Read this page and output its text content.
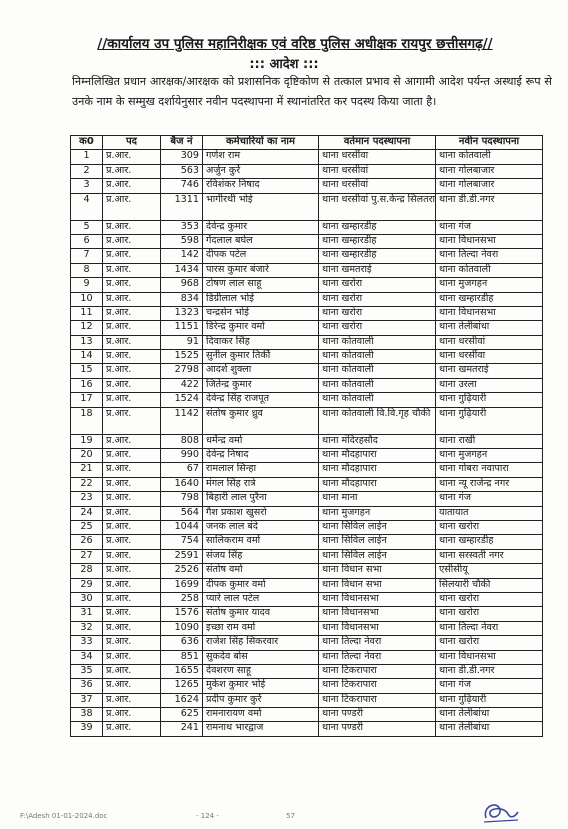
//कार्यालय उप पुलिस महानिरीक्षक एवं वरिष्ठ पुलिस अधीक्षक रायपुर छत्तीसगढ़//
::: आदेश :::
निम्नलिखित प्रधान आरक्षक/आरक्षक को प्रशासनिक दृष्टिकोण से तत्काल प्रभाव से आगामी आदेश पर्यन्त अस्थाई रूप से उनके नाम के सम्मुख दर्शायेनुसार नवीन पदस्थापना में स्थानांतरित कर पदस्थ किया जाता है।
क0	पद	बैज नं	कर्मचारियों का नाम	वर्तमान पदस्थापना	नवीन पदस्थापना
1	प्र.आर.	309	गणेश राम	थाना धरसींवा	थाना कोतवाली
2	प्र.आर.	563	अर्जुन कुर्रे	थाना धरसीवां	थाना गोलबाजार
3	प्र.आर.	746	रविशंकर निषाद	थाना धरसीवां	थाना गोलबाजार
4	प्र.आर.	1311	भागीरथी भोई	थाना धरसीवां पु.स.केन्द्र सिलतरा	थाना डी.डी.नगर
5	प्र.आर.	353	देवेन्द्र कुमार	थाना खम्हारडीह	थाना गंज
6	प्र.आर.	598	गेंदलाल बघेल	थाना खम्हारडीह	थाना विधानसभा
7	प्र.आर.	142	दीपक पटेल	थाना खम्हारडीह	थाना तिल्दा नेवरा
8	प्र.आर.	1434	पारस कुमार बंजारे	थाना खमतराई	थाना कोतवाली
9	प्र.आर.	968	टोषण लाल साहू	थाना खरोरा	थाना मुजगहन
10	प्र.आर.	834	डिग्रीलाल भोई	थाना खरोरा	थाना खम्हारडीह
11	प्र.आर.	1323	चन्द्रसेन भोई	थाना खरोरा	थाना विधानसभा
12	प्र.आर.	1151	डिरेन्द्र कुमार वर्मा	थाना खरोरा	थाना तेलीबांधा
13	प्र.आर.	91	दिवाकर सिंह	थाना कोतवाली	थाना धरसीवां
14	प्र.आर.	1525	सुनील कुमार तिर्की	थाना कोतवाली	थाना धरसींवा
15	प्र.आर.	2798	आदर्श शुक्ला	थाना कोतवाली	थाना खमतराई
16	प्र.आर.	422	जितेन्द्र कुमार	थाना कोतवाली	थाना उरला
17	प्र.आर.	1524	देवेन्द्र सिंह राजपूत	थाना कोतवाली	थाना गुढ़ियारी
18	प्र.आर.	1142	संतोष कुमार ध्रुव	थाना कोतवाली वि.वि.गृह चौकी	थाना गुढ़ियारी
19	प्र.आर.	808	धर्मेन्द्र वर्मा	थाना मंदिरहसौद	थाना राखी
20	प्र.आर.	990	देवेन्द्र निषाद	थाना मौदहापारा	थाना मुजगहन
21	प्र.आर.	67	रामलाल सिन्हा	थाना मौदहापारा	थाना गोबरा नवापारा
22	प्र.आर.	1640	मंगल सिंह रात्रे	थाना मौदहापारा	थाना न्यू राजेन्द्र नगर
23	प्र.आर.	798	बिहारी लाल पुरैना	थाना माना	थाना गंज
24	प्र.आर.	564	गैश प्रकाश खुसरो	थाना मुजगहन	यातायात
25	प्र.आर.	1044	जनक लाल बंदे	थाना सिविल लाईन	थाना खरोरा
26	प्र.आर.	754	सालिकराम वर्मा	थाना सिविल लाईन	थाना खम्हारडीह
27	प्र.आर.	2591	संजय सिंह	थाना सिविल लाईन	थाना सरस्वती नगर
28	प्र.आर.	2526	संतोष वर्मा	थाना विधान सभा	एसीसीयू
29	प्र.आर.	1699	दीपक कुमार वर्मा	थाना विधान सभा	सिलयारी चौकी
30	प्र.आर.	258	प्यारे लाल पटेल	थाना विधानसभा	थाना खरोरा
31	प्र.आर.	1576	संतोष कुमार यादव	थाना विधानसभा	थाना खरोरा
32	प्र.आर.	1090	इच्छा राम वर्मा	थाना विधानसभा	थाना तिल्दा नेवरा
33	प्र.आर.	636	राजेश सिंह सिकरवार	थाना तिल्दा नेवरा	थाना खरोरा
34	प्र.आर.	851	सुकदेव बोस	थाना तिल्दा नेवरा	थाना विधानसभा
35	प्र.आर.	1655	देवशरण साहू	थाना टिकरापारा	थाना डी.डी.नगर
36	प्र.आर.	1265	मुकेश कुमार भोई	थाना टिकरापारा	थाना गंज
37	प्र.आर.	1624	प्रदीप कुमार कुर्रे	थाना टिकरापारा	थाना गुढ़ियारी
38	प्र.आर.	625	रामनारायण वर्मा	थाना पण्डरी	थाना तेलीबांधा
39	प्र.आर.	241	रामनाथ भारद्वाज	थाना पण्डरी	थाना तेलीबांधा
F:\Adesh 01-01-2024.doc	- 124 -	57
